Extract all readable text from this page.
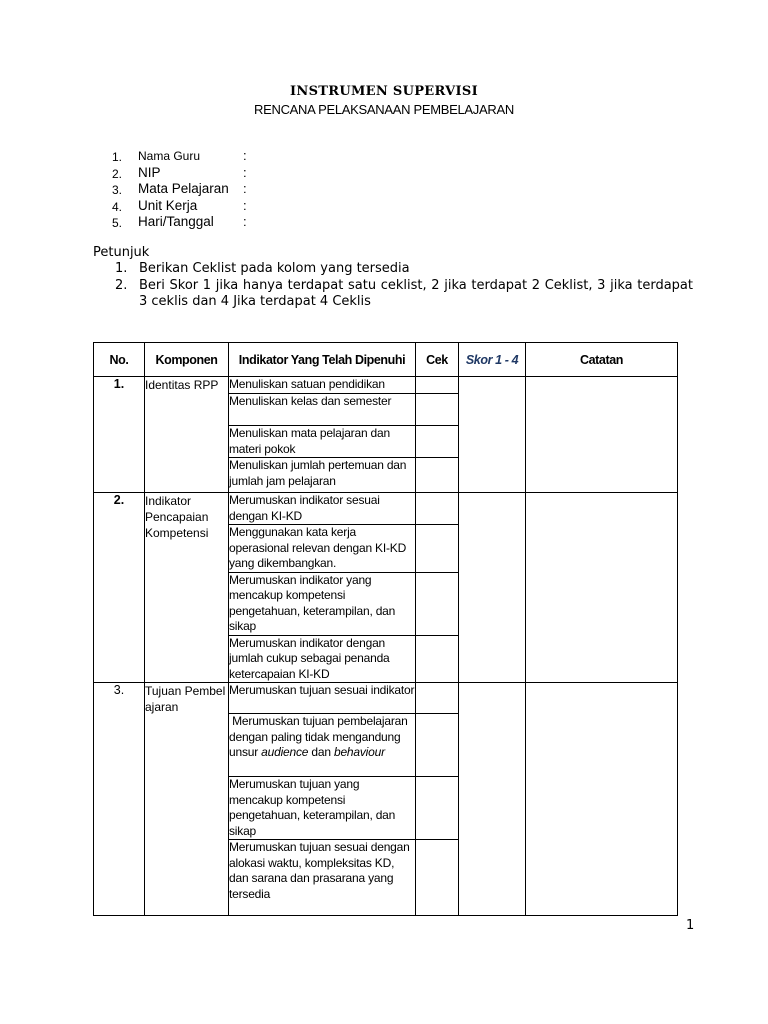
INSTRUMEN SUPERVISI
RENCANA PELAKSANAAN PEMBELAJARAN
1.	Nama Guru	:
2.	NIP	:
3.	Mata Pelajaran :
4.	Unit Kerja	:
5.	Hari/Tanggal :
Petunjuk
1. Berikan Ceklist pada kolom yang tersedia
2. Beri Skor 1 jika hanya terdapat satu ceklist, 2 jika terdapat 2 Ceklist, 3 jika terdapat 3 ceklis dan 4 Jika terdapat 4 Ceklis
No.	Komponen	Indikator Yang Telah Dipenuhi	Cek	Skor 1 - 4	Catatan
1.	Identitas RPP	Menuliskan satuan pendidikan			
		Menuliskan kelas dan semester			
		Menuliskan mata pelajaran dan materi pokok			
		Menuliskan jumlah pertemuan dan jumlah jam pelajaran			
2.	Indikator Pencapaian Kompetensi	Merumuskan indikator sesuai dengan KI-KD			
		Menggunakan kata kerja operasional relevan dengan KI-KD yang dikembangkan.			
		Merumuskan indikator yang mencakup kompetensi pengetahuan, keterampilan, dan sikap			
		Merumuskan indikator dengan jumlah cukup sebagai penanda ketercapaian KI-KD			
3.	Tujuan Pembelajaran	Merumuskan tujuan sesuai indikator			
		Merumuskan tujuan pembelajaran dengan paling tidak mengandung unsur audience dan behaviour			
		Merumuskan tujuan yang mencakup kompetensi pengetahuan, keterampilan, dan sikap			
		Merumuskan tujuan sesuai dengan alokasi waktu, kompleksitas KD, dan sarana dan prasarana yang tersedia			
1
